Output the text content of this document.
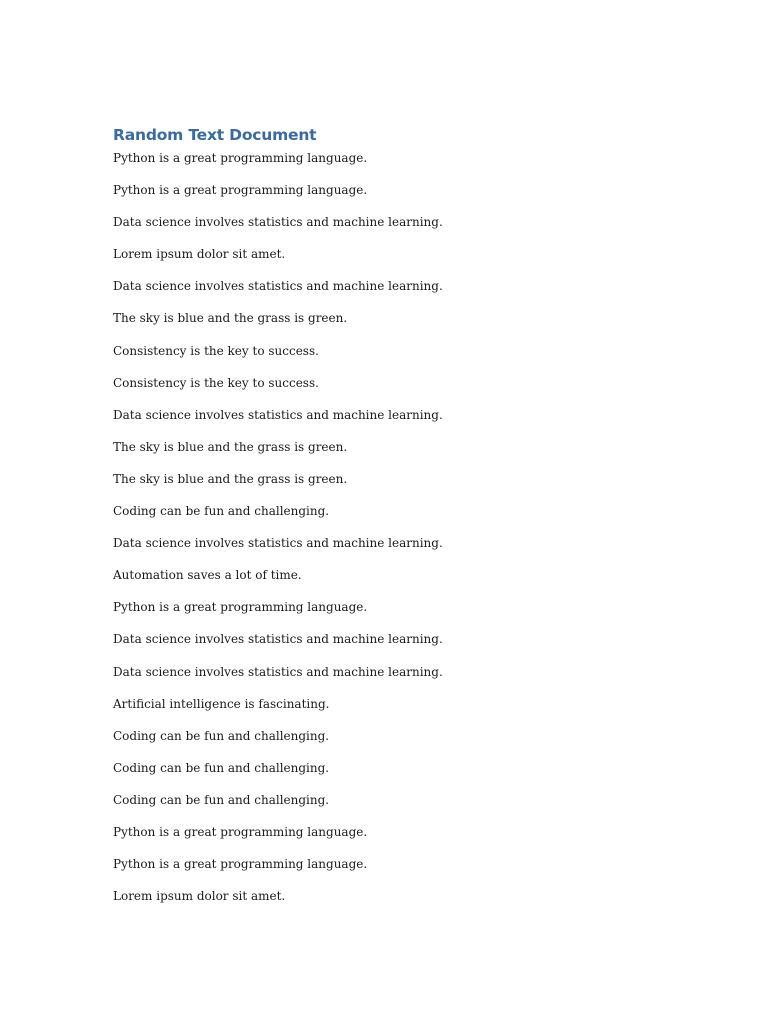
Random Text Document
Python is a great programming language.
Python is a great programming language.
Data science involves statistics and machine learning.
Lorem ipsum dolor sit amet.
Data science involves statistics and machine learning.
The sky is blue and the grass is green.
Consistency is the key to success.
Consistency is the key to success.
Data science involves statistics and machine learning.
The sky is blue and the grass is green.
The sky is blue and the grass is green.
Coding can be fun and challenging.
Data science involves statistics and machine learning.
Automation saves a lot of time.
Python is a great programming language.
Data science involves statistics and machine learning.
Data science involves statistics and machine learning.
Artificial intelligence is fascinating.
Coding can be fun and challenging.
Coding can be fun and challenging.
Coding can be fun and challenging.
Python is a great programming language.
Python is a great programming language.
Lorem ipsum dolor sit amet.
